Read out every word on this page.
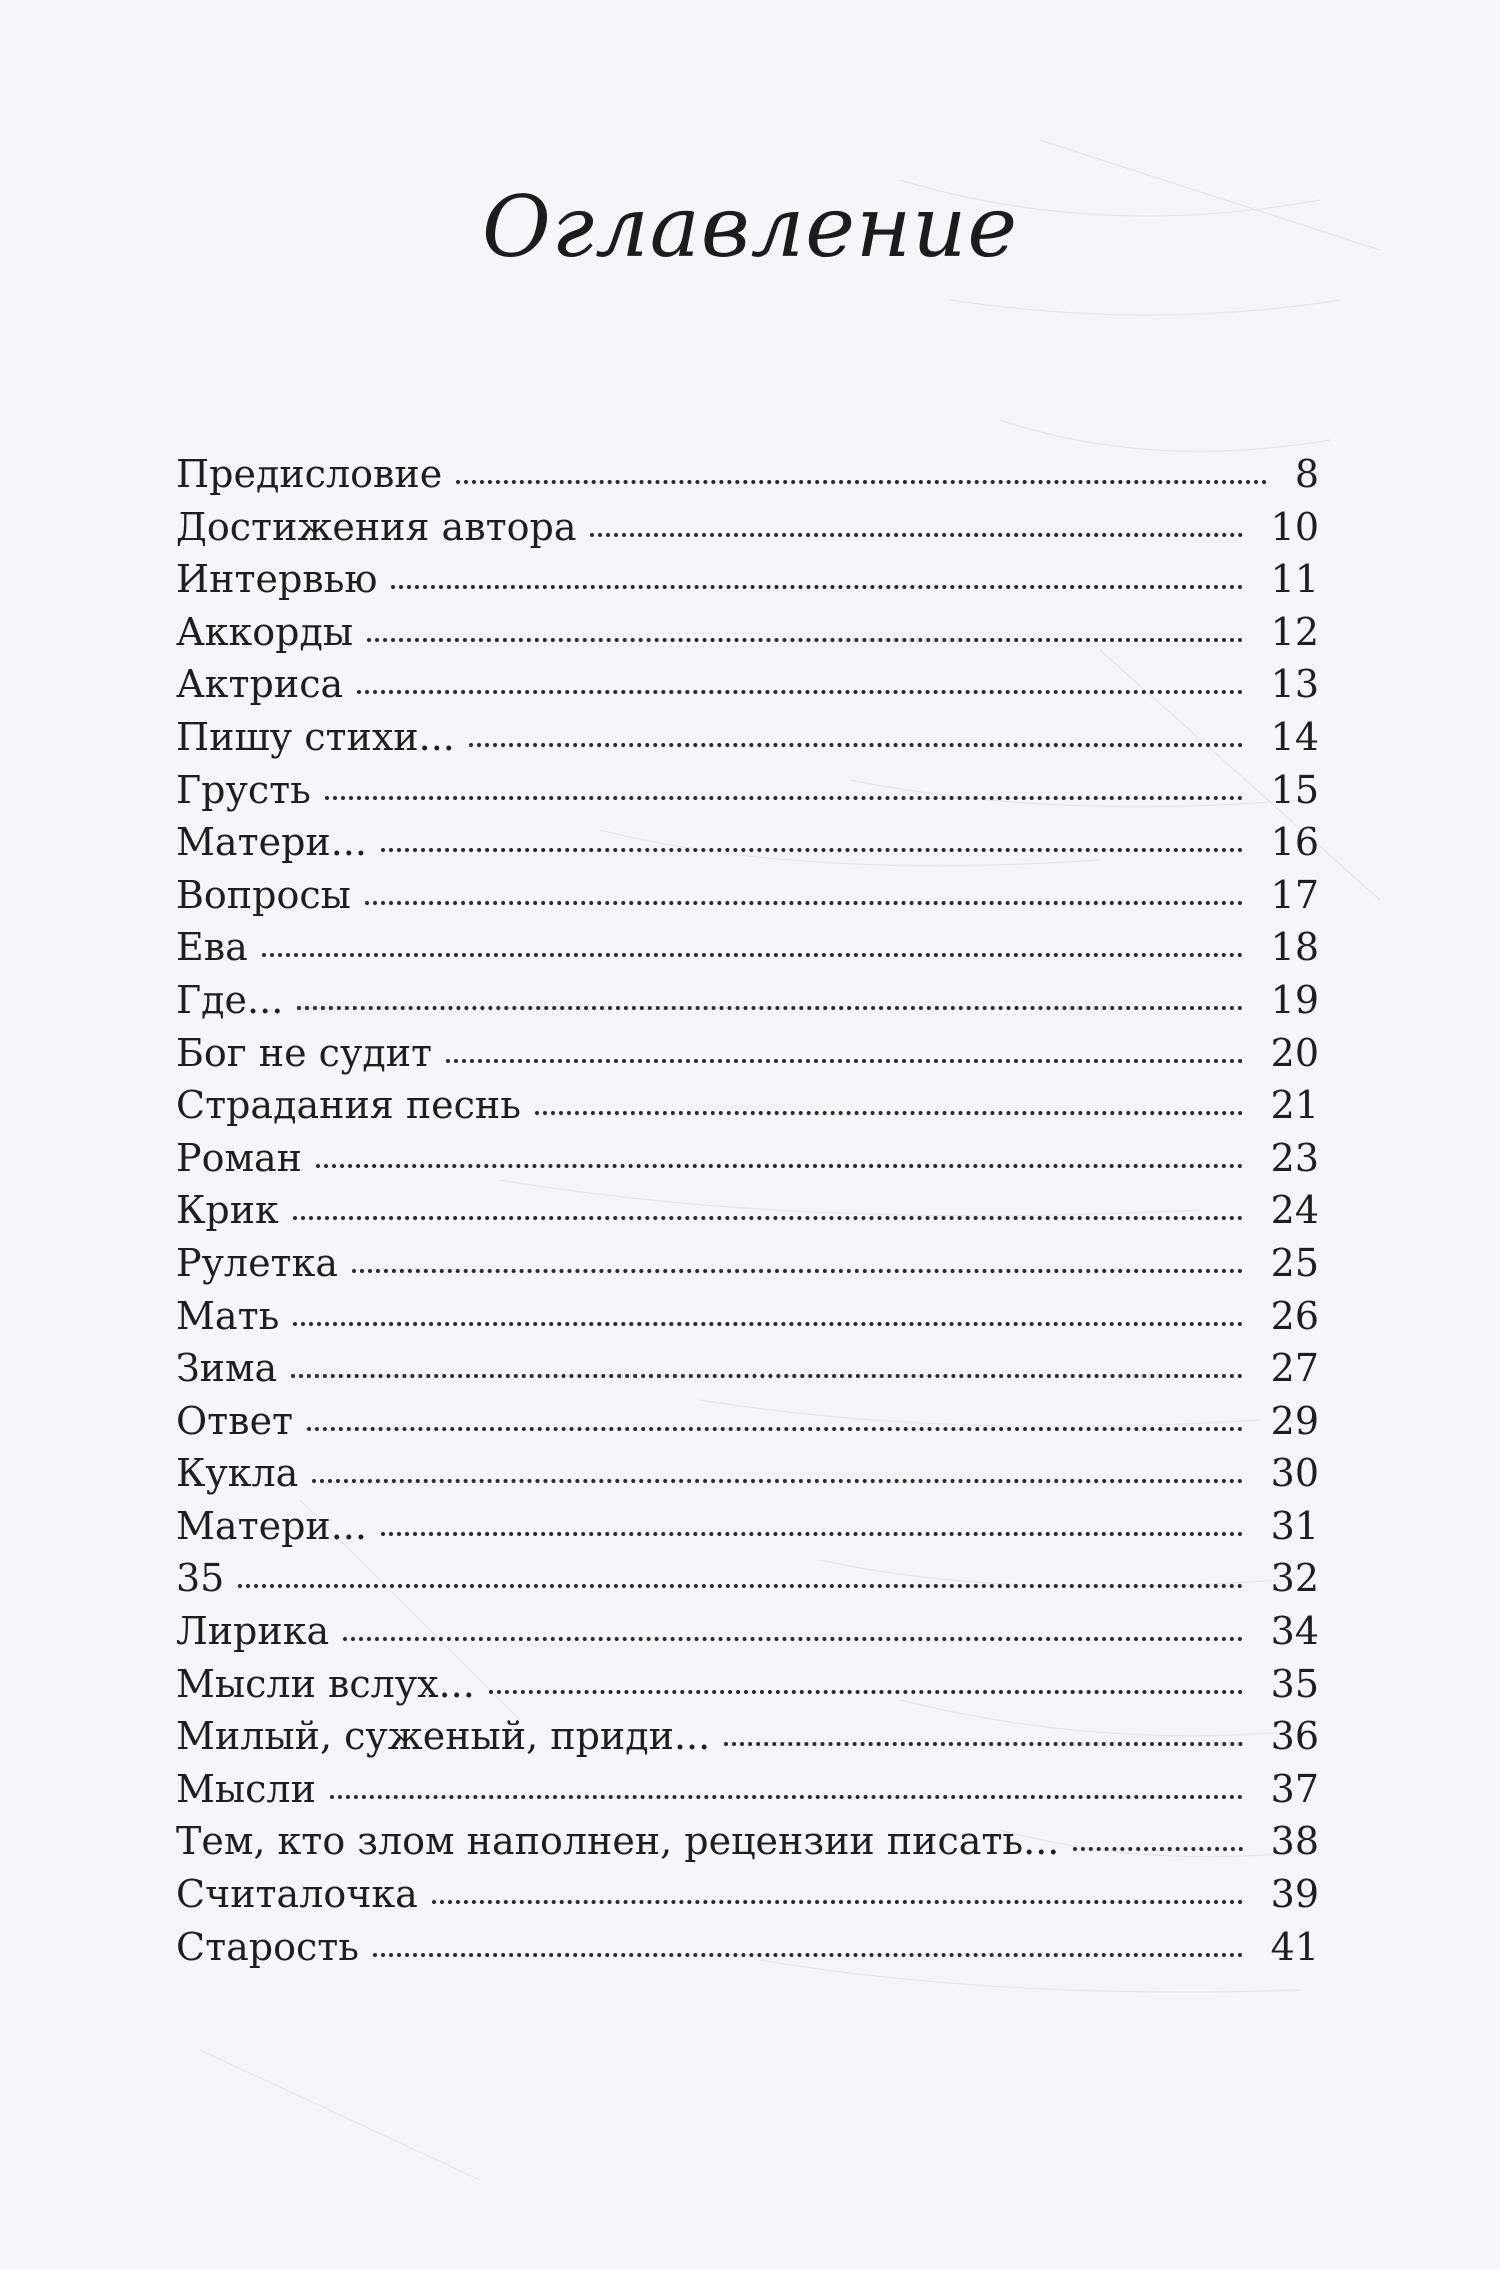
Оглавление
Предисловие	8
Достижения автора	10
Интервью	11
Аккорды	12
Актриса	13
Пишу стихи...	14
Грусть	15
Матери...	16
Вопросы	17
Ева	18
Где...	19
Бог не судит	20
Страдания песнь	21
Роман	23
Крик	24
Рулетка	25
Мать	26
Зима	27
Ответ	29
Кукла	30
Матери...	31
35	32
Лирика	34
Мысли вслух...	35
Милый, суженый, приди...	36
Мысли	37
Тем, кто злом наполнен, рецензии писать...	38
Считалочка	39
Старость	41
